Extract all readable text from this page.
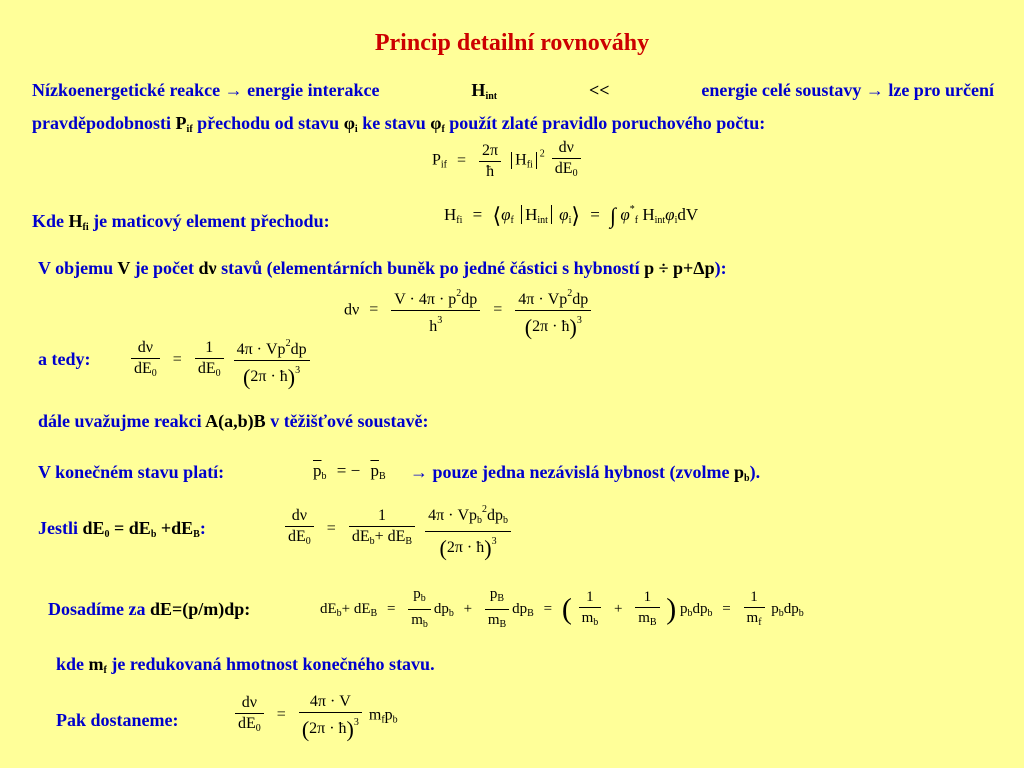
Princip detailní rovnováhy
Nízkoenergetické reakce → energie interakce	$H_{int}$	<<	energie celé soustavy → lze pro určení
pravděpodobnosti $P_{if}$ přechodu od stavu $\varphi_i$ ke stavu $\varphi_f$ použít zlaté pravidlo poruchového počtu:
$P_{if} = \frac{2\pi}{ħ} H_{fi}^2 \frac{d\nu}{dE_0}$
Kde $H_{fi}$ je maticový element přechodu:	$H_{fi}$ = $⟨\varphi_f$ $H_{int}$ $\varphi_i⟩$ = ∫ $\varphi^*_f$ $H_{int}\varphi_idV$
V objemu V je počet dν stavů (elementárních buněk po jedné částici s hybností p ÷ p+Δp):
$d\nu = \frac{V \cdot 4\pi \cdot p^2dp}{h^3} = \frac{4\pi \cdot Vp^2dp}{(2\pi \cdot ħ)^3}$
a tedy:	$\frac{d\nu}{dE_0} = \frac{1}{dE_0}$
$\frac{4\pi \cdot Vp^2dp}{(2\pi \cdot ħ)^3}$
dále uvažujme reakci A(a,b)B v těžišťové soustavě:
V konečném stavu platí:	$\overline{p}_b$ = − $\overline{p}_B$ → pouze jedna nezávislá hybnost (zvolme $p_b$).
Jestli $dE_0 = dE_b +dE_B$:	$\frac{d\nu}{dE_0} = \frac{1}{dE_b+ dE_B}$
$\frac{4\pi \cdot Vp_b^2dp_b}{(2\pi \cdot ħ)^3}$
Dosadíme za dE=(p/m)dp:	$dE_b+ dE_B = \frac{p_b}{m_b} dp_b + \frac{p_B}{m_B} dp_B$ = ( $\frac{1}{m_b} + \frac{1}{m_B}$ ) $p_bdp_b = \frac{1}{m_f} p_bdp_b$
kde $m_f$ je redukovaná hmotnost konečného stavu.
Pak dostaneme:	$\frac{d\nu}{dE_0} = \frac{4\pi \cdot V}{(2\pi \cdot ħ)^3} m_fp_b$
